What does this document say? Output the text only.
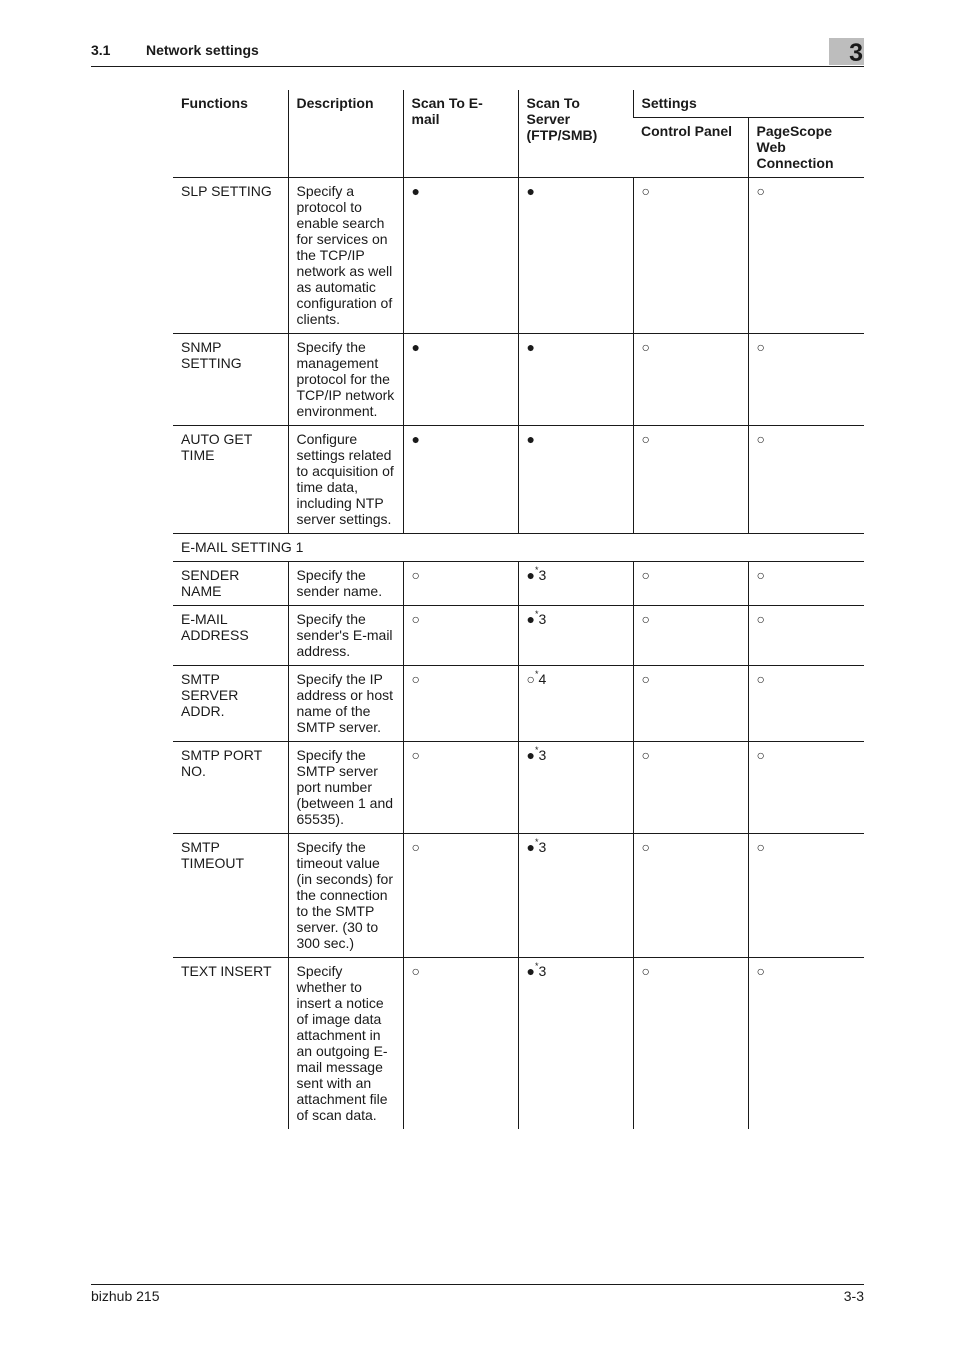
3.1	Network settings	3
Functions	Description	Scan To E-mail	Scan To Server (FTP/SMB)	Settings	
				Control Panel	PageScope Web Connection
SLP SETTING	Specify a protocol to enable search for services on the TCP/IP network as well as automatic configuration of clients.	●	●	○	○
SNMP SETTING	Specify the management protocol for the TCP/IP network environment.	●	●	○	○
AUTO GET TIME	Configure settings related to acquisition of time data, including NTP server settings.	●	●	○	○
E-MAIL SETTING 1					
SENDER NAME	Specify the sender name.	○	●*3	○	○
E-MAIL ADDRESS	Specify the sender's E-mail address.	○	●*3	○	○
SMTP SERVER ADDR.	Specify the IP address or host name of the SMTP server.	○	○*4	○	○
SMTP PORT NO.	Specify the SMTP server port number (between 1 and 65535).	○	●*3	○	○
SMTP TIMEOUT	Specify the timeout value (in seconds) for the connection to the SMTP server. (30 to 300 sec.)	○	●*3	○	○
TEXT INSERT	Specify whether to insert a notice of image data attachment in an outgoing E-mail message sent with an attachment file of scan data.	○	●*3	○	○
bizhub 215	3-3
